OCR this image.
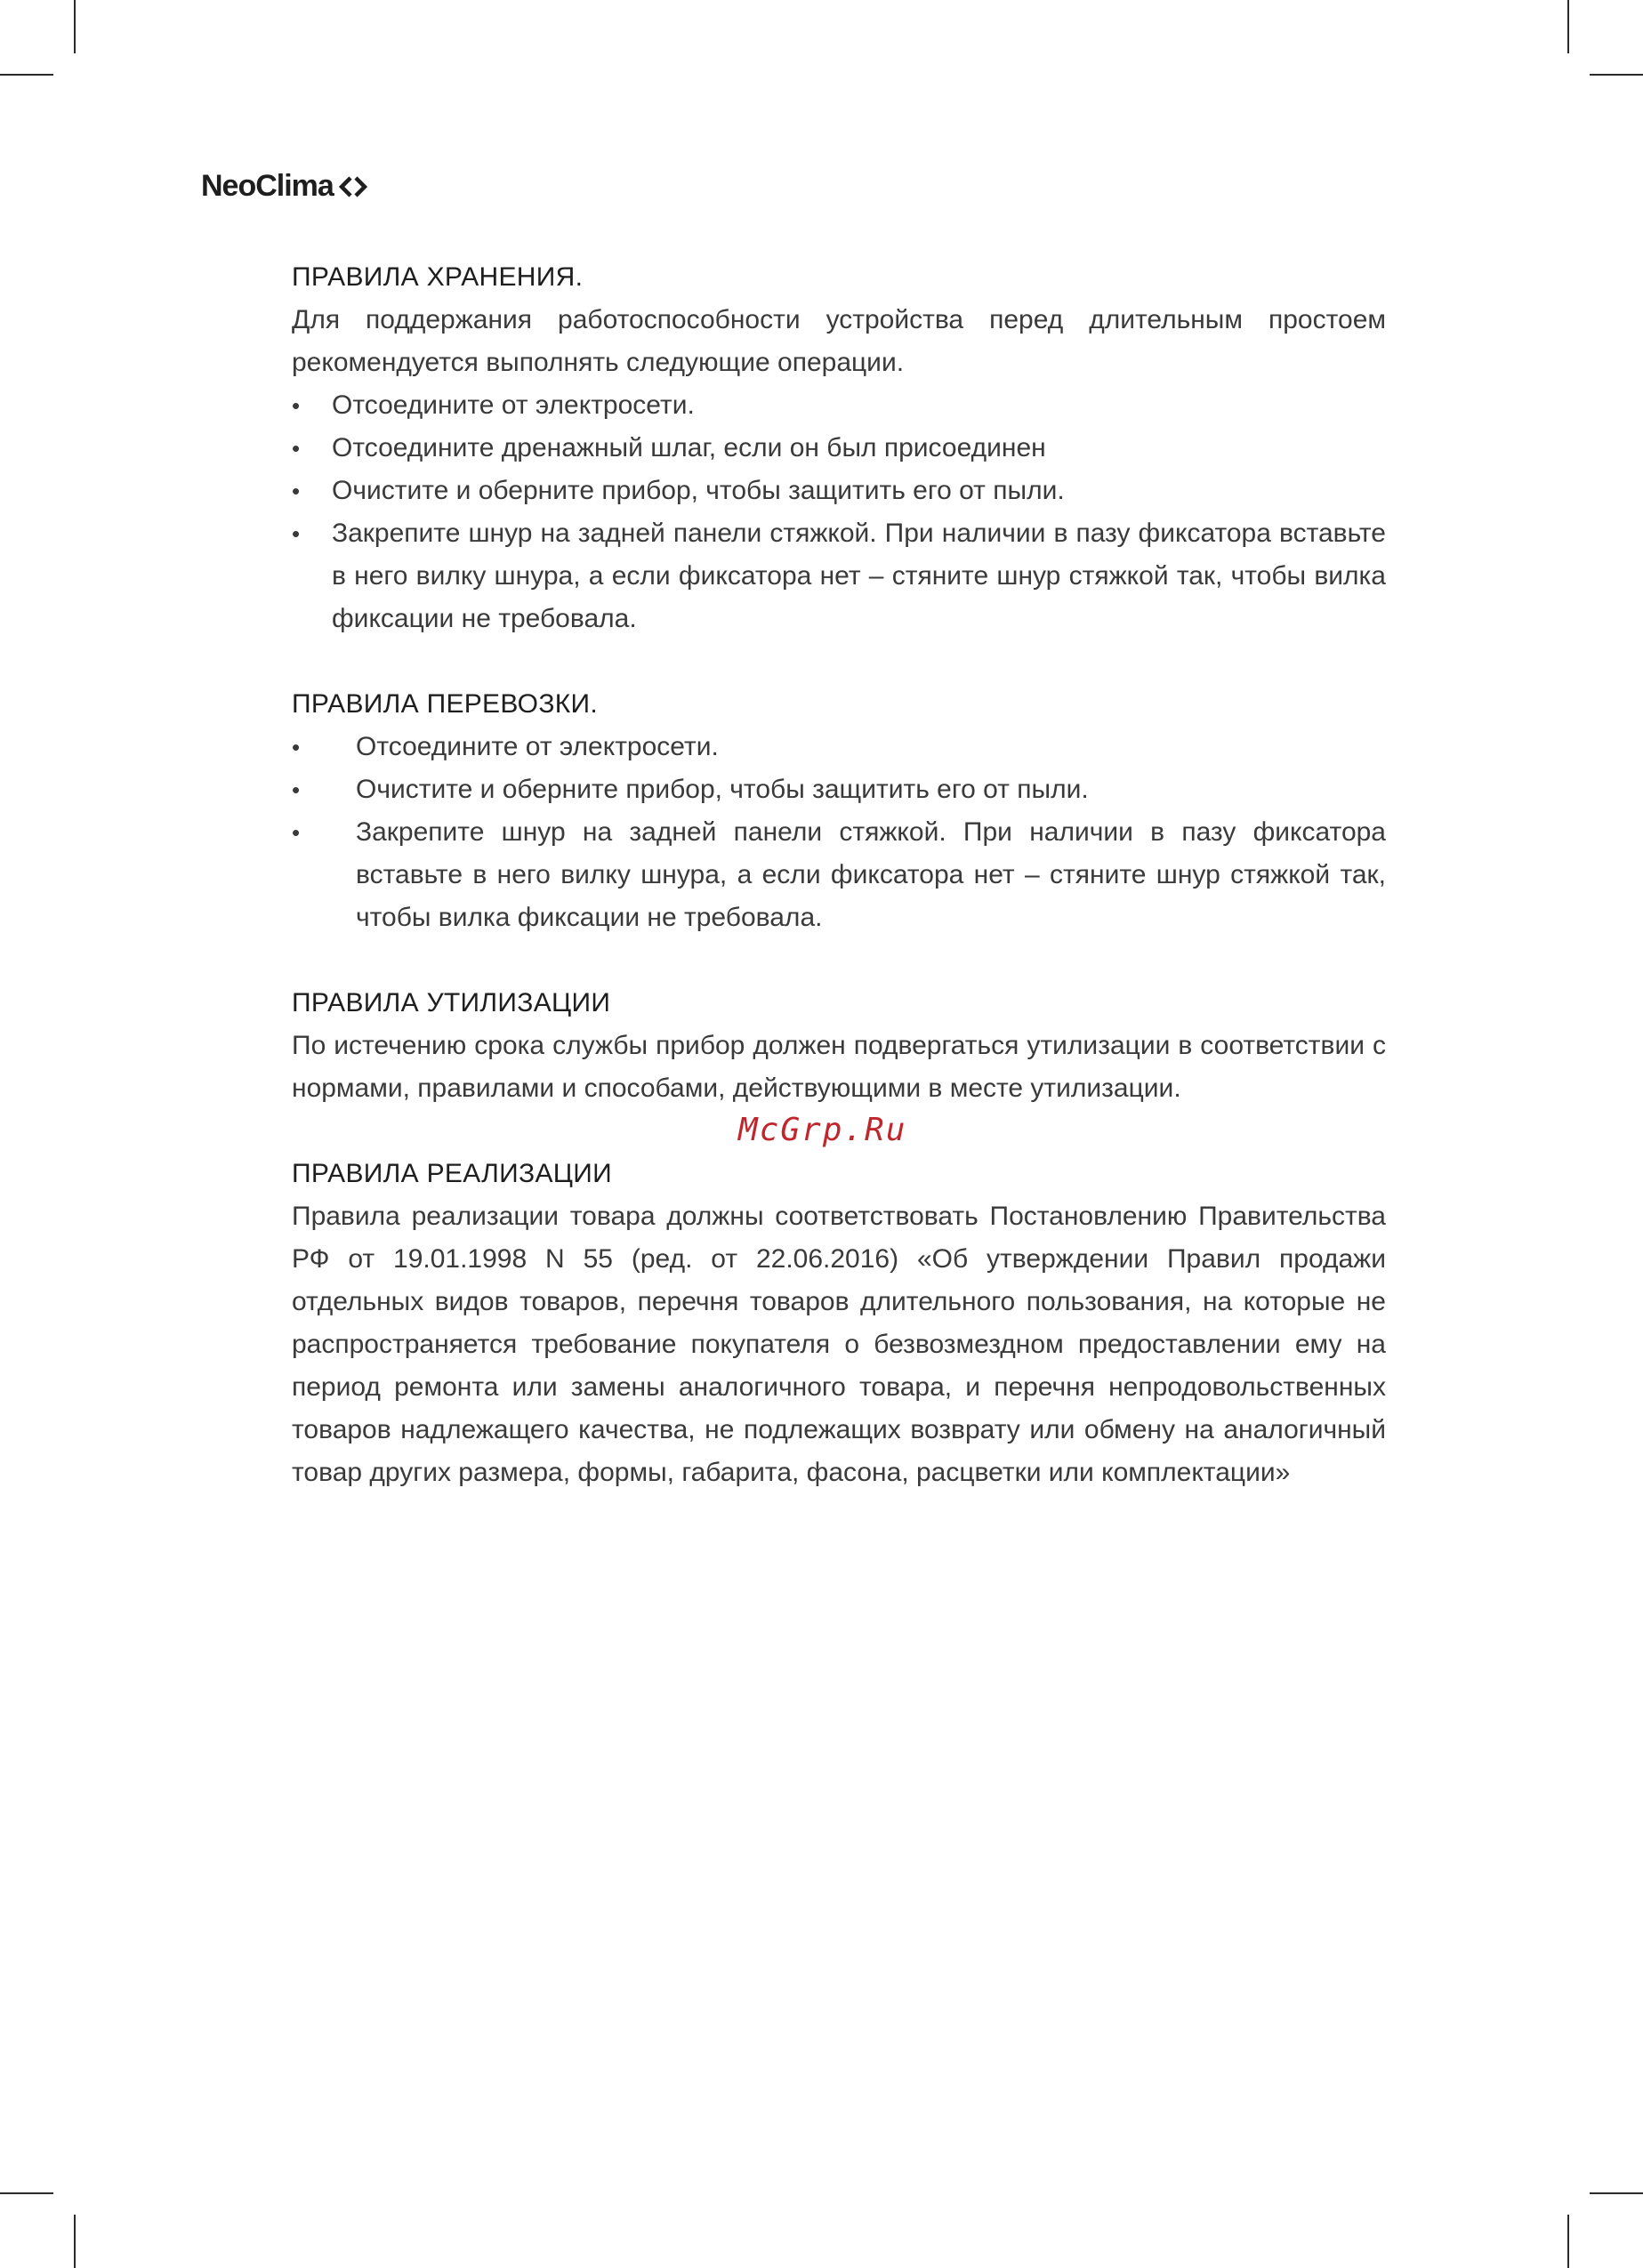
NeoClima
ПРАВИЛА ХРАНЕНИЯ.

Для поддержания работоспособности устройства перед длительным простоем рекомендуется выполнять следующие операции.

•	Отсоедините от электросети.
•	Отсоедините дренажный шлаг, если он был присоединен
•	Очистите и оберните прибор, чтобы защитить его от пыли.
•	Закрепите шнур на задней панели стяжкой. При наличии в пазу фиксатора вставьте в него вилку шнура, а если фиксатора нет – стяните шнур стяжкой так, чтобы вилка фиксации не требовала.
ПРАВИЛА ПЕРЕВОЗКИ.
•	Отсоедините от электросети.
•	Очистите и оберните прибор, чтобы защитить его от пыли.
•	Закрепите шнур на задней панели стяжкой. При наличии в пазу фиксатора вставьте в него вилку шнура, а если фиксатора нет – стяните шнур стяжкой так, чтобы вилка фиксации не требовала.
ПРАВИЛА УТИЛИЗАЦИИ

По истечению срока службы прибор должен подвергаться утилизации в соответствии с нормами, правилами и способами, действующими в месте утилизации.

ПРАВИЛА РЕАЛИЗАЦИИ

Правила реализации товара должны соответствовать Постановлению Правительства РФ от 19.01.1998 N 55 (ред. от 22.06.2016) «Об утверждении Правил продажи отдельных видов товаров, перечня товаров длительного пользования, на которые не распространяется требование покупателя о безвозмездном предоставлении ему на период ремонта или замены аналогичного товара, и перечня непродовольственных товаров надлежащего качества, не подлежащих возврату или обмену на аналогичный товар других размера, формы, габарита, фасона, расцветки или комплектации»

McGrp.Ru
